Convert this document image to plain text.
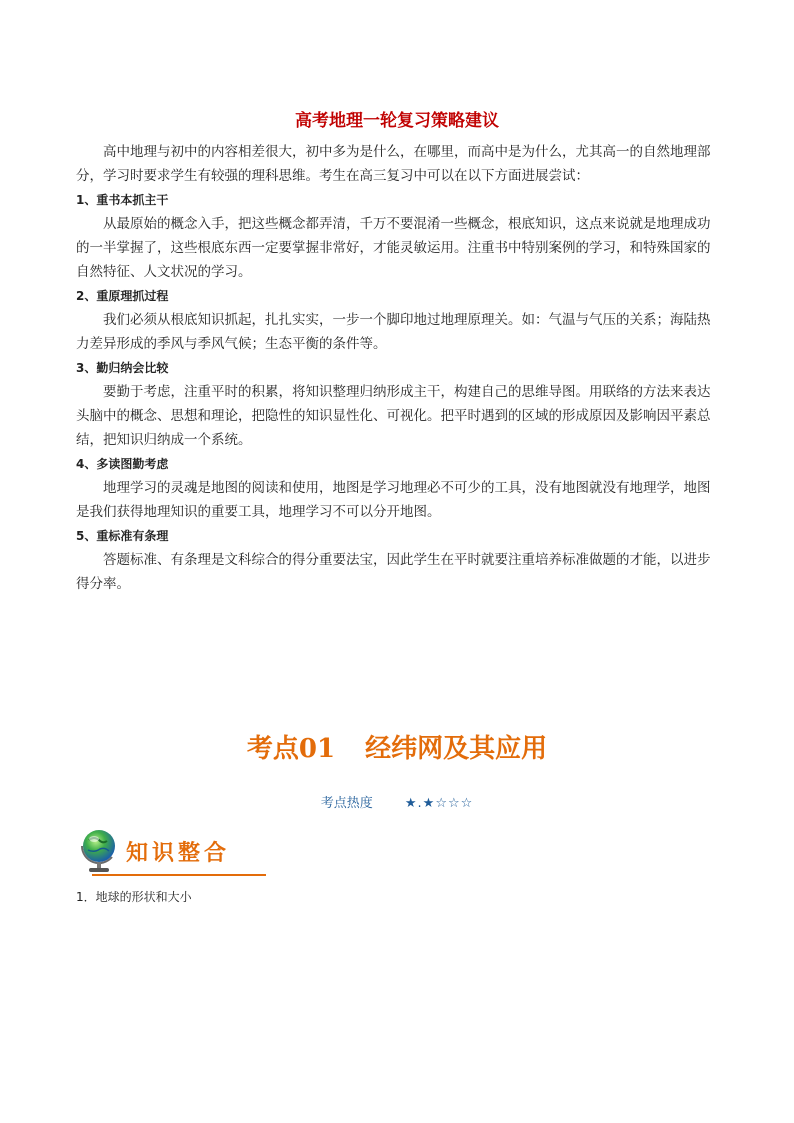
高考地理一轮复习策略建议

高中地理与初中的内容相差很大，初中多为是什么，在哪里，而高中是为什么，尤其高一的自然地理部分，学习时要求学生有较强的理科思维。考生在高三复习中可以在以下方面进展尝试：

1、重书本抓主干

从最原始的概念入手，把这些概念都弄清，千万不要混淆一些概念，根底知识，这点来说就是地理成功的一半掌握了，这些根底东西一定要掌握非常好，才能灵敏运用。注重书中特别案例的学习，和特殊国家的自然特征、人文状况的学习。

2、重原理抓过程

我们必须从根底知识抓起，扎扎实实，一步一个脚印地过地理原理关。如：气温与气压的关系；海陆热力差异形成的季风与季风气候；生态平衡的条件等。

3、勤归纳会比较

要勤于考虑，注重平时的积累，将知识整理归纳形成主干，构建自己的思维导图。用联络的方法来表达头脑中的概念、思想和理论，把隐性的知识显性化、可视化。把平时遇到的区域的形成原因及影响因平素总结，把知识归纳成一个系统。

4、多读图勤考虑

地理学习的灵魂是地图的阅读和使用，地图是学习地理必不可少的工具，没有地图就没有地理学，地图是我们获得地理知识的重要工具，地理学习不可以分开地图。

5、重标准有条理

答题标准、有条理是文科综合的得分重要法宝，因此学生在平时就要注重培养标准做题的才能，以进步得分率。

考点01 经纬网及其应用
考点热度 ★.★☆☆☆
知识整合
1．地球的形状和大小
